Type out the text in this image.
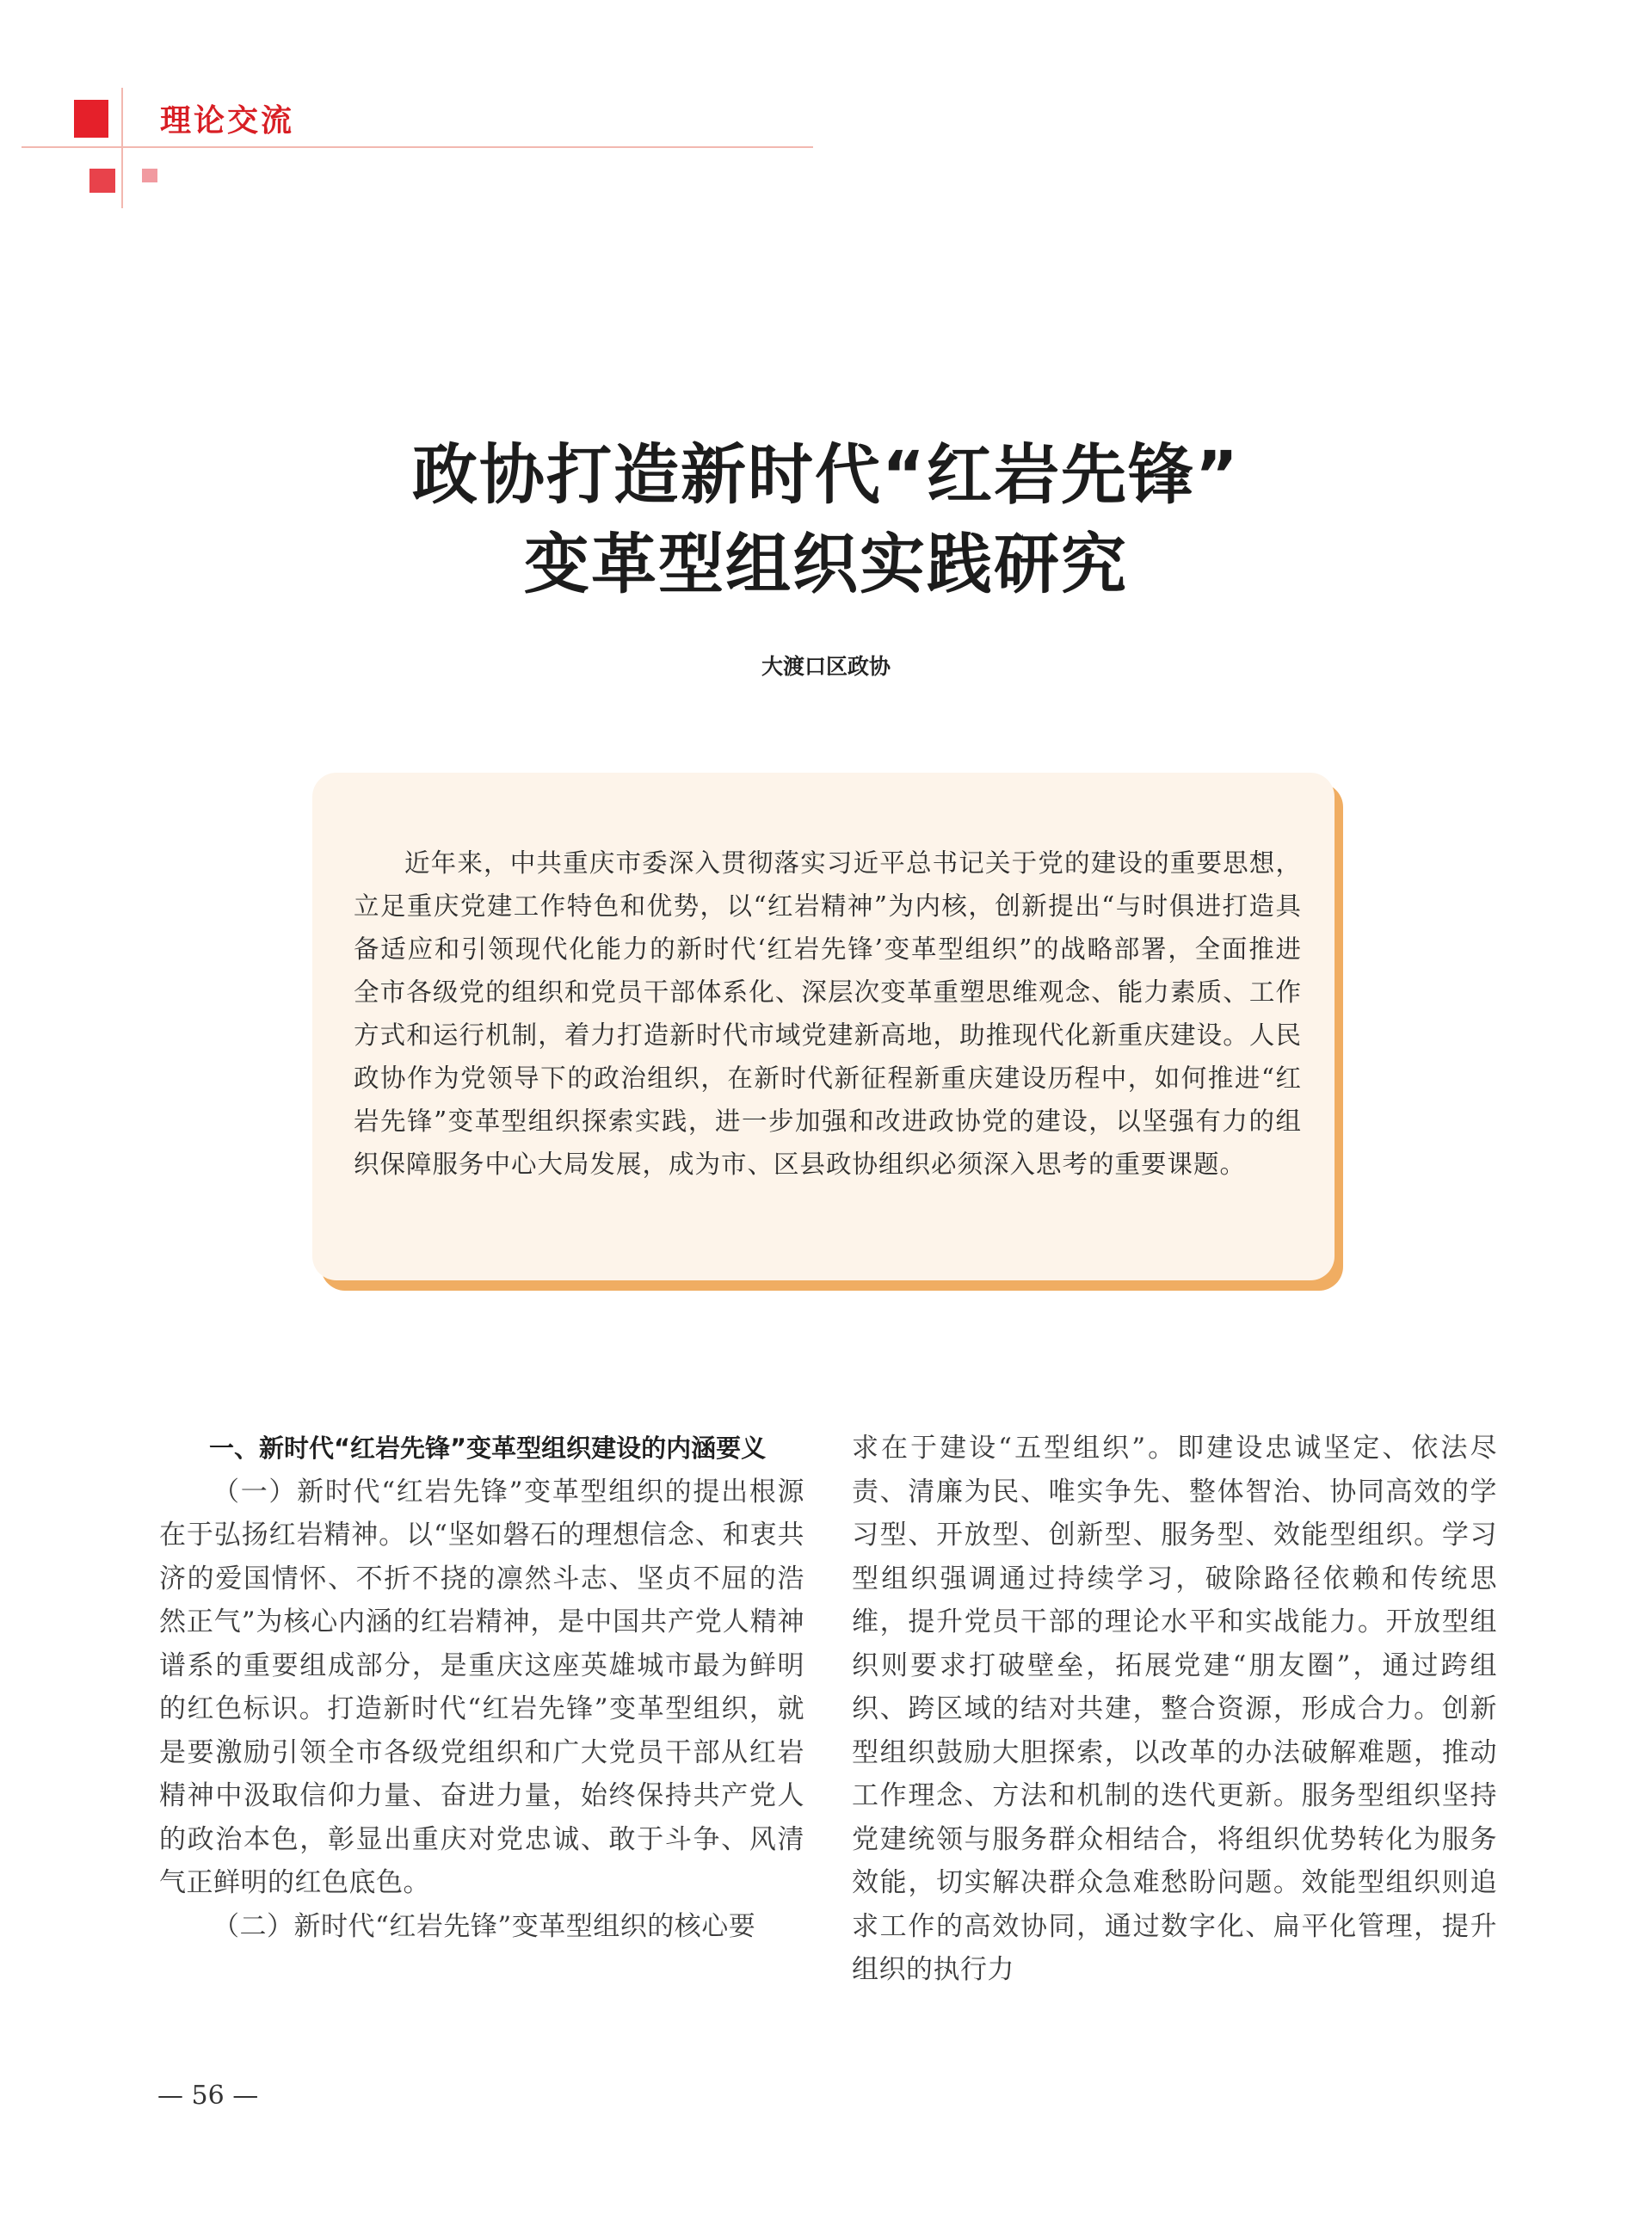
理论交流

政协打造新时代“红岩先锋”
变革型组织实践研究

大渡口区政协

近年来，中共重庆市委深入贯彻落实习近平总书记关于党的建设的重要思想，立足重庆党建工作特色和优势，以“红岩精神”为内核，创新提出“与时俱进打造具备适应和引领现代化能力的新时代‘红岩先锋’变革型组织”的战略部署，全面推进全市各级党的组织和党员干部体系化、深层次变革重塑思维观念、能力素质、工作方式和运行机制，着力打造新时代市域党建新高地，助推现代化新重庆建设。人民政协作为党领导下的政治组织，在新时代新征程新重庆建设历程中，如何推进“红岩先锋”变革型组织探索实践，进一步加强和改进政协党的建设，以坚强有力的组织保障服务中心大局发展，成为市、区县政协组织必须深入思考的重要课题。

一、新时代“红岩先锋”变革型组织建设的内涵要义

（一）新时代“红岩先锋”变革型组织的提出根源在于弘扬红岩精神。以“坚如磐石的理想信念、和衷共济的爱国情怀、不折不挠的凛然斗志、坚贞不屈的浩然正气”为核心内涵的红岩精神，是中国共产党人精神谱系的重要组成部分，是重庆这座英雄城市最为鲜明的红色标识。打造新时代“红岩先锋”变革型组织，就是要激励引领全市各级党组织和广大党员干部从红岩精神中汲取信仰力量、奋进力量，始终保持共产党人的政治本色，彰显出重庆对党忠诚、敢于斗争、风清气正鲜明的红色底色。

（二）新时代“红岩先锋”变革型组织的核心要

求在于建设“五型组织”。即建设忠诚坚定、依法尽责、清廉为民、唯实争先、整体智治、协同高效的学习型、开放型、创新型、服务型、效能型组织。学习型组织强调通过持续学习，破除路径依赖和传统思维，提升党员干部的理论水平和实战能力。开放型组织则要求打破壁垒，拓展党建“朋友圈”，通过跨组织、跨区域的结对共建，整合资源，形成合力。创新型组织鼓励大胆探索，以改革的办法破解难题，推动工作理念、方法和机制的迭代更新。服务型组织坚持党建统领与服务群众相结合，将组织优势转化为服务效能，切实解决群众急难愁盼问题。效能型组织则追求工作的高效协同，通过数字化、扁平化管理，提升组织的执行力

— 56 —
